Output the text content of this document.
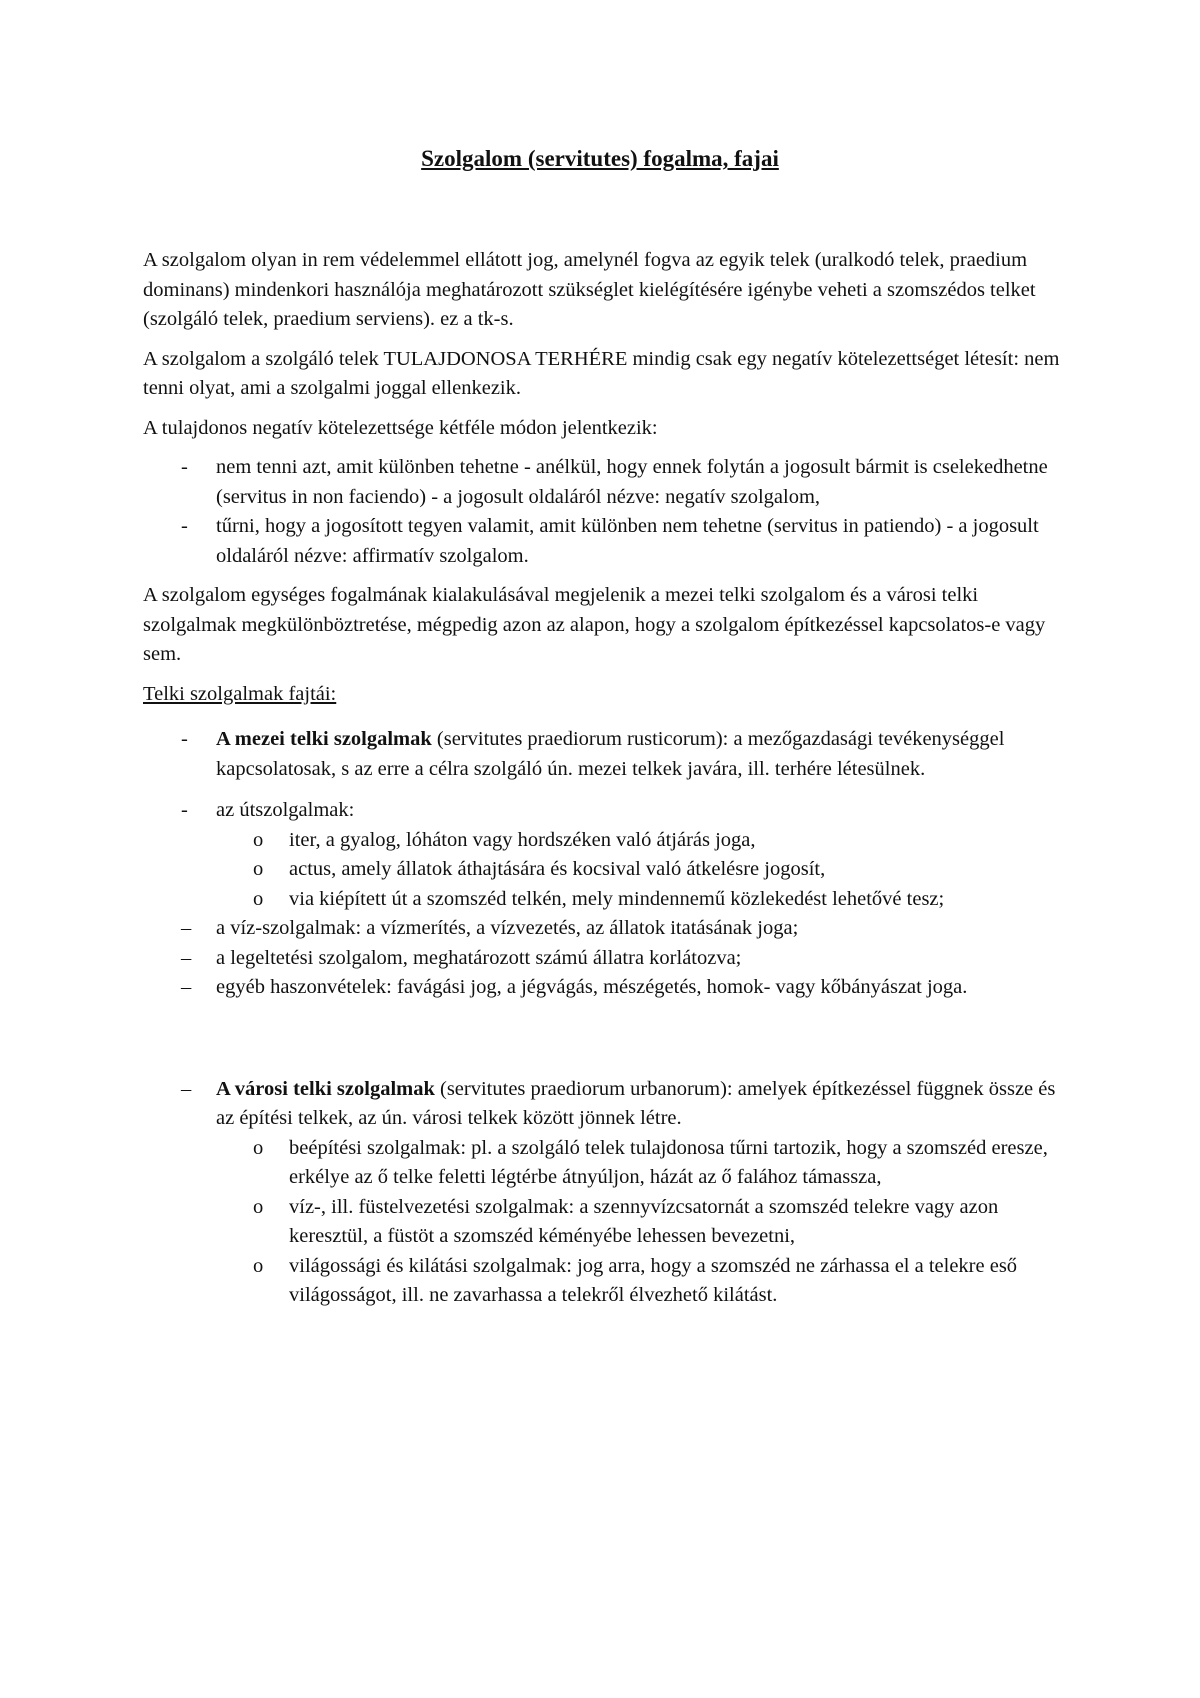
Szolgalom (servitutes) fogalma, fajai

A szolgalom olyan in rem védelemmel ellátott jog, amelynél fogva az egyik telek (uralkodó telek, praedium dominans) mindenkori használója meghatározott szükséglet kielégítésére igénybe veheti a szomszédos telket (szolgáló telek, praedium serviens). ez a tk-s.

A szolgalom a szolgáló telek TULAJDONOSA TERHÉRE mindig csak egy negatív kötelezettséget létesít: nem tenni olyat, ami a szolgalmi joggal ellenkezik.

A tulajdonos negatív kötelezettsége kétféle módon jelentkezik:

- nem tenni azt, amit különben tehetne - anélkül, hogy ennek folytán a jogosult bármit is cselekedhetne (servitus in non faciendo) - a jogosult oldaláról nézve: negatív szolgalom,
- tűrni, hogy a jogosított tegyen valamit, amit különben nem tehetne (servitus in patiendo) - a jogosult oldaláról nézve: affirmatív szolgalom.

A szolgalom egységes fogalmának kialakulásával megjelenik a mezei telki szolgalom és a városi telki szolgalmak megkülönböztretése, mégpedig azon az alapon, hogy a szolgalom építkezéssel kapcsolatos-e vagy sem.

Telki szolgalmak fajtái:

- A mezei telki szolgalmak (servitutes praediorum rusticorum): a mezőgazdasági tevékenységgel kapcsolatosak, s az erre a célra szolgáló ún. mezei telkek javára, ill. terhére létesülnek.
- az útszolgalmak:
o iter, a gyalog, lóháton vagy hordszéken való átjárás joga,
o actus, amely állatok áthajtására és kocsival való átkelésre jogosít,
o via kiépített út a szomszéd telkén, mely mindennemű közlekedést lehetővé tesz;
– a víz-szolgalmak: a vízmerítés, a vízvezetés, az állatok itatásának joga;
– a legeltetési szolgalom, meghatározott számú állatra korlátozva;
– egyéb haszonvételek: favágási jog, a jégvágás, mészégetés, homok- vagy kőbányászat joga.
– A városi telki szolgalmak (servitutes praediorum urbanorum): amelyek építkezéssel függnek össze és az építési telkek, az ún. városi telkek között jönnek létre.
o beépítési szolgalmak: pl. a szolgáló telek tulajdonosa tűrni tartozik, hogy a szomszéd eresze, erkélye az ő telke feletti légtérbe átnyúljon, házát az ő falához támassza,
o víz-, ill. füstelvezetési szolgalmak: a szennyvízcsatornát a szomszéd telekre vagy azon keresztül, a füstöt a szomszéd kéményébe lehessen bevezetni,
o világossági és kilátási szolgalmak: jog arra, hogy a szomszéd ne zárhassa el a telekre eső világosságot, ill. ne zavarhassa a telekről élvezhető kilátást.
